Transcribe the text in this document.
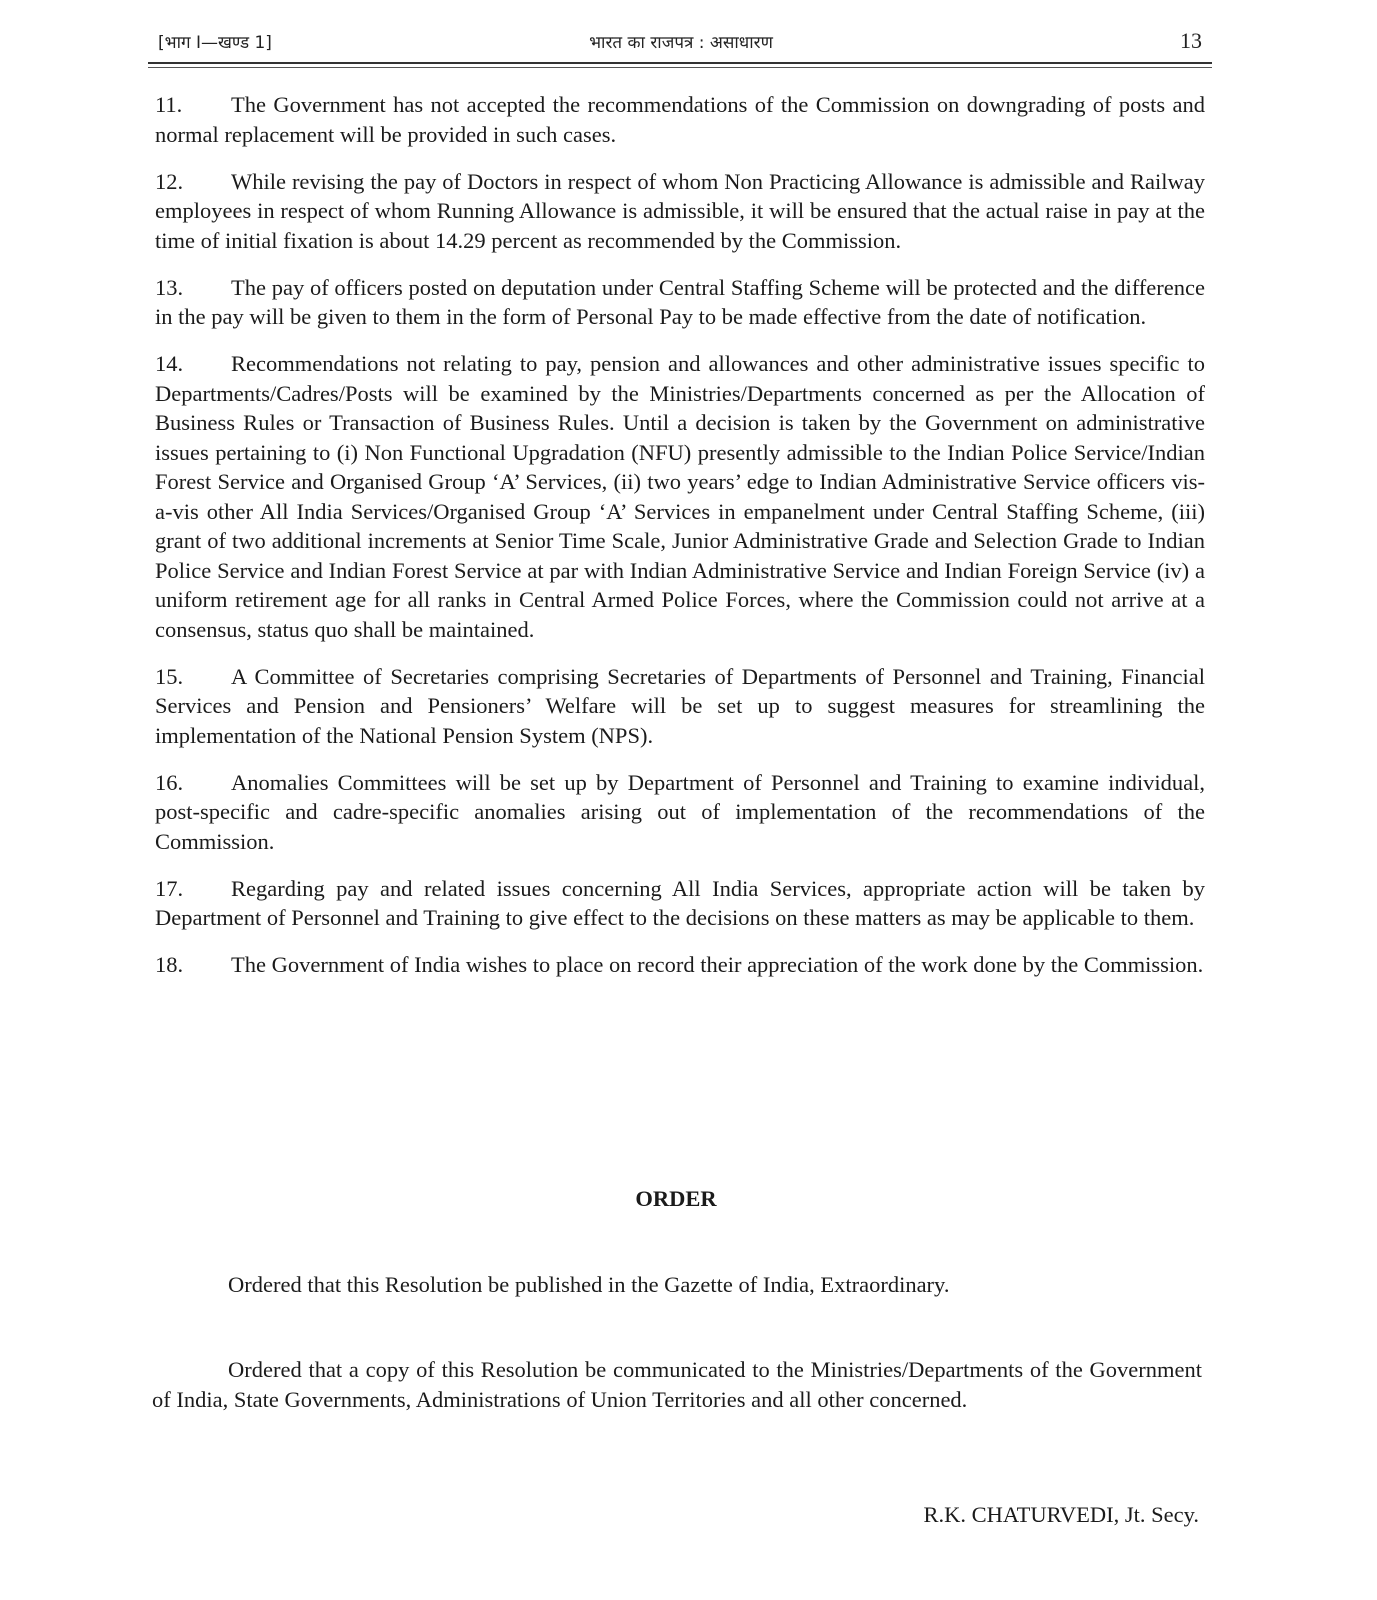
[भाग I—खण्ड 1]	भारत का राजपत्र : असाधारण	13

11. The Government has not accepted the recommendations of the Commission on downgrading of posts and normal replacement will be provided in such cases.

12. While revising the pay of Doctors in respect of whom Non Practicing Allowance is admissible and Railway employees in respect of whom Running Allowance is admissible, it will be ensured that the actual raise in pay at the time of initial fixation is about 14.29 percent as recommended by the Commission.

13. The pay of officers posted on deputation under Central Staffing Scheme will be protected and the difference in the pay will be given to them in the form of Personal Pay to be made effective from the date of notification.

14. Recommendations not relating to pay, pension and allowances and other administrative issues specific to Departments/Cadres/Posts will be examined by the Ministries/Departments concerned as per the Allocation of Business Rules or Transaction of Business Rules. Until a decision is taken by the Government on administrative issues pertaining to (i) Non Functional Upgradation (NFU) presently admissible to the Indian Police Service/Indian Forest Service and Organised Group ‘A’ Services, (ii) two years’ edge to Indian Administrative Service officers vis-a-vis other All India Services/Organised Group ‘A’ Services in empanelment under Central Staffing Scheme, (iii) grant of two additional increments at Senior Time Scale, Junior Administrative Grade and Selection Grade to Indian Police Service and Indian Forest Service at par with Indian Administrative Service and Indian Foreign Service (iv) a uniform retirement age for all ranks in Central Armed Police Forces, where the Commission could not arrive at a consensus, status quo shall be maintained.

15. A Committee of Secretaries comprising Secretaries of Departments of Personnel and Training, Financial Services and Pension and Pensioners’ Welfare will be set up to suggest measures for streamlining the implementation of the National Pension System (NPS).

16. Anomalies Committees will be set up by Department of Personnel and Training to examine individual, post-specific and cadre-specific anomalies arising out of implementation of the recommendations of the Commission.

17. Regarding pay and related issues concerning All India Services, appropriate action will be taken by Department of Personnel and Training to give effect to the decisions on these matters as may be applicable to them.

18. The Government of India wishes to place on record their appreciation of the work done by the Commission.

ORDER
Ordered that this Resolution be published in the Gazette of India, Extraordinary.
Ordered that a copy of this Resolution be communicated to the Ministries/Departments of the Government of India, State Governments, Administrations of Union Territories and all other concerned.
R.K. CHATURVEDI, Jt. Secy.
